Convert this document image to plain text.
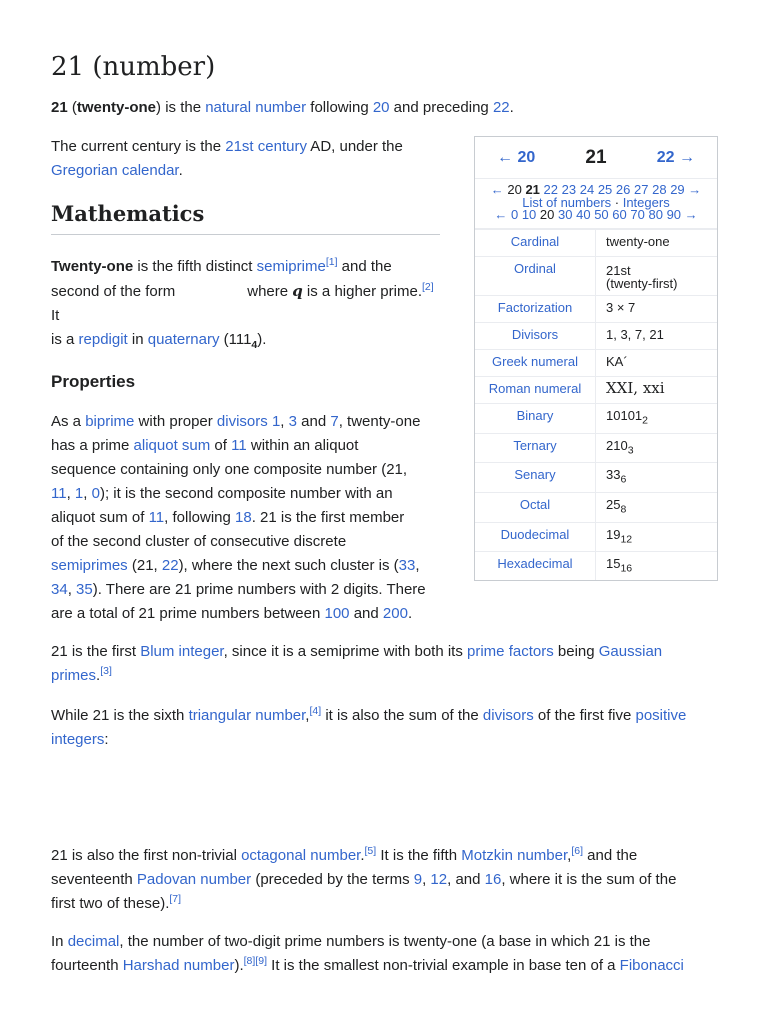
21 (number)
21 (twenty-one) is the natural number following 20 and preceding 22.
The current century is the 21st century AD, under the
Gregorian calendar.
Mathematics
Twenty-one is the fifth distinct semiprime[1] and the
second of the form	where q is a higher prime.[2] It
is a repdigit in quaternary $(111_4)$.
Properties
As a biprime with proper divisors 1, 3 and 7, twenty-one
has a prime aliquot sum of 11 within an aliquot
sequence containing only one composite number (21,
11, 1, 0); it is the second composite number with an
aliquot sum of 11, following 18. 21 is the first member
of the second cluster of consecutive discrete
semiprimes (21, 22), where the next such cluster is (33,
34, 35). There are 21 prime numbers with 2 digits. There
are a total of 21 prime numbers between 100 and 200.
21 is the first Blum integer, since it is a semiprime with both its prime factors being Gaussian
primes.[3]
While 21 is the sixth triangular number,[4] it is also the sum of the divisors of the first five positive
integers:
21 is also the first non-trivial octagonal number.[5] It is the fifth Motzkin number,[6] and the
seventeenth Padovan number (preceded by the terms 9, 12, and 16, where it is the sum of the
first two of these).[7]
In decimal, the number of two-digit prime numbers is twenty-one (a base in which 21 is the
fourteenth Harshad number).[8][9] It is the smallest non-trivial example in base ten of a Fibonacci
← 20	21	22 →
← 20 21 22 23 24 25 26 27 28 29 →
List of numbers · Integers
← 0 10 20 30 40 50 60 70 80 90 →
Cardinal	twenty-one
Ordinal	21st
(twenty-first)
Factorization	3 × 7
Divisors	1, 3, 7, 21
Greek numeral	ΚΑ´
Roman numeral	XXI, xxi
Binary	$10101_2$
Ternary	$210_3$
Senary	$33_6$
Octal	$25_8$
Duodecimal	$19_{12}$
Hexadecimal	$15_{16}$
